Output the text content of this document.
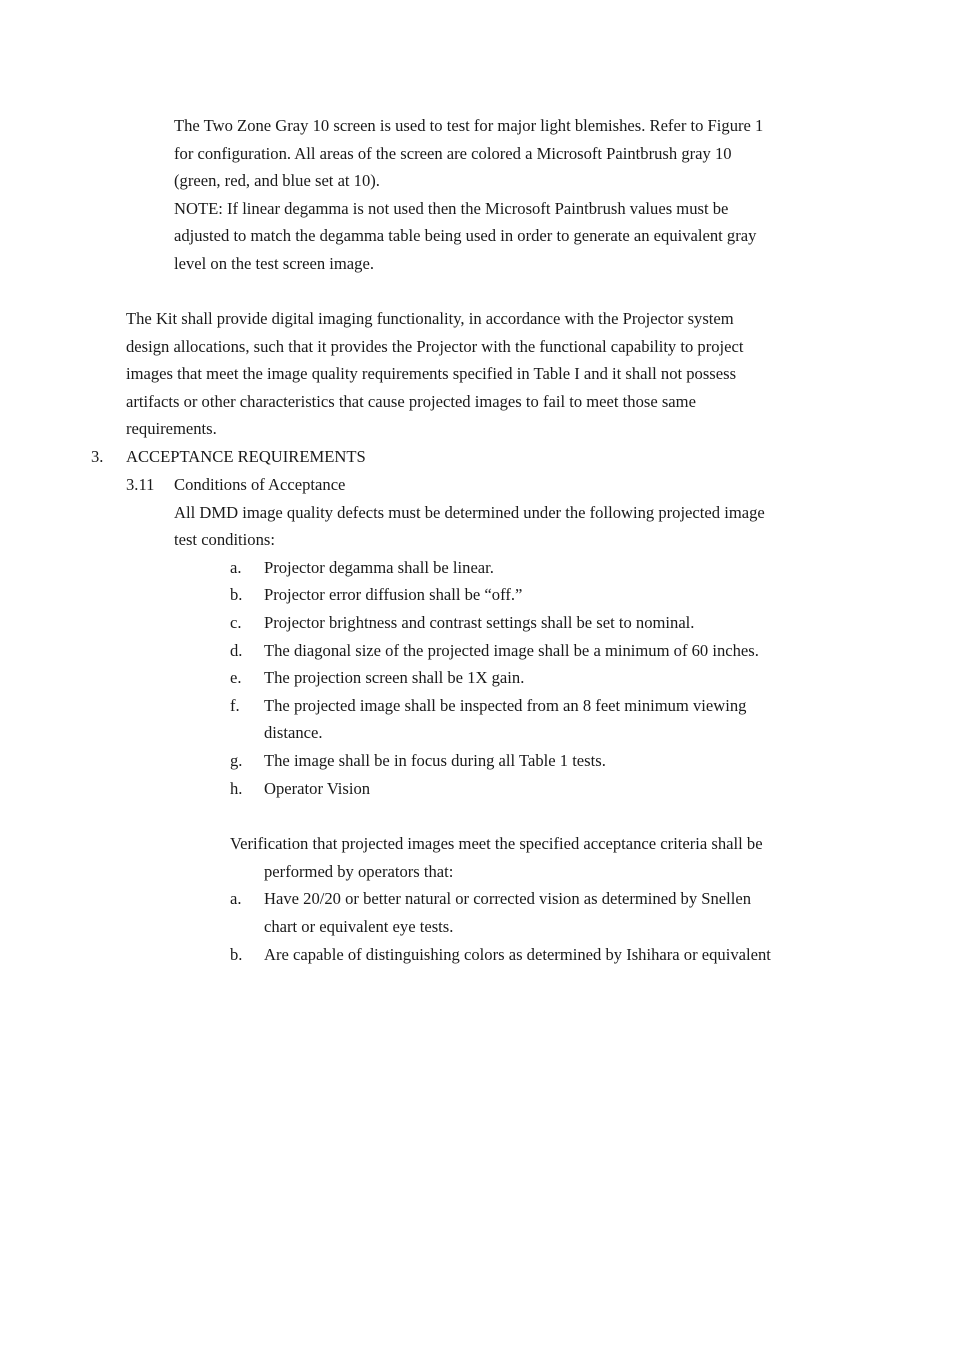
The Two Zone Gray 10 screen is used to test for major light blemishes. Refer to Figure 1
for configuration. All areas of the screen are colored a Microsoft Paintbrush gray 10
(green, red, and blue set at 10).
NOTE: If linear degamma is not used then the Microsoft Paintbrush values must be
adjusted to match the degamma table being used in order to generate an equivalent gray
level on the test screen image.
The Kit shall provide digital imaging functionality, in accordance with the Projector system
design allocations, such that it provides the Projector with the functional capability to project
images that meet the image quality requirements specified in Table I and it shall not possess
artifacts or other characteristics that cause projected images to fail to meet those same
requirements.
3. ACCEPTANCE REQUIREMENTS
3.11 Conditions of Acceptance
All DMD image quality defects must be determined under the following projected image
test conditions:
a. Projector degamma shall be linear.
b. Projector error diffusion shall be “off.”
c. Projector brightness and contrast settings shall be set to nominal.
d. The diagonal size of the projected image shall be a minimum of 60 inches.
e. The projection screen shall be 1X gain.
f. The projected image shall be inspected from an 8 feet minimum viewing
distance.
g. The image shall be in focus during all Table 1 tests.
h. Operator Vision
Verification that projected images meet the specified acceptance criteria shall be
performed by operators that:
a. Have 20/20 or better natural or corrected vision as determined by Snellen
chart or equivalent eye tests.
b. Are capable of distinguishing colors as determined by Ishihara or equivalent
